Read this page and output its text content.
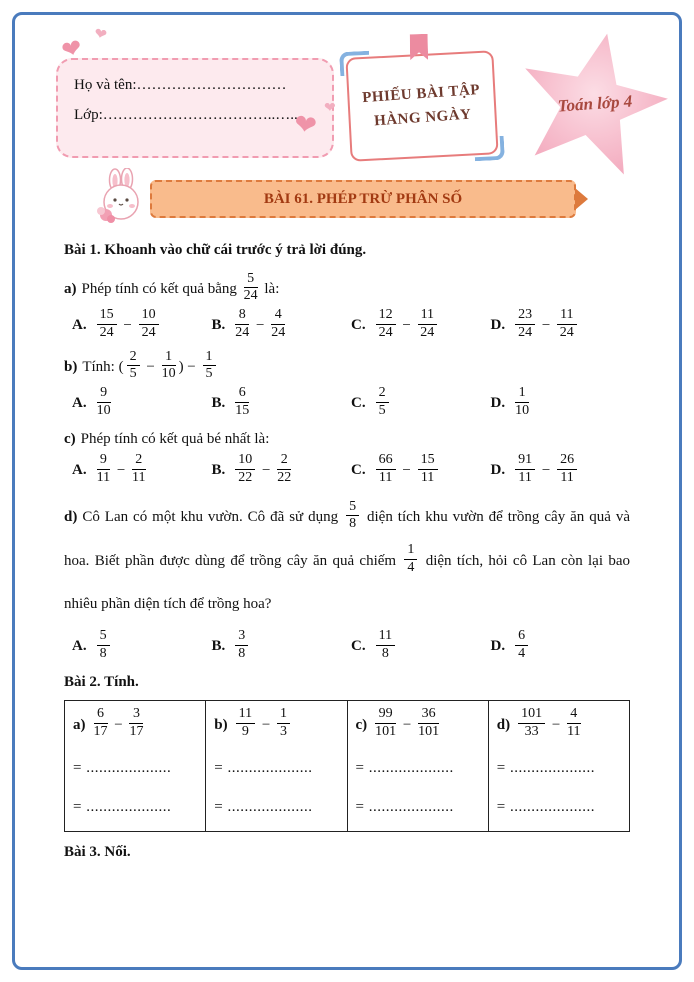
Họ và tên:…………………………
Lớp:……………………………..…...
❤ ❤
❤ ❤
PHIẾU BÀI TẬP
HÀNG NGÀY
Toán lớp 4
BÀI 61. PHÉP TRỪ PHÂN SỐ
Bài 1. Khoanh vào chữ cái trước ý trả lời đúng.
a) Phép tính có kết quả bằng $\frac{5}{24}$ là:
A. $\frac{15}{24} - \frac{10}{24}$	B. $\frac{8}{24} - \frac{4}{24}$	C. $\frac{12}{24} - \frac{11}{24}$	D. $\frac{23}{24} - \frac{11}{24}$
b) Tính: ( $\frac{2}{5} - \frac{1}{10}$ ) − $\frac{1}{5}$
A. $\frac{9}{10}$	B. $\frac{6}{15}$	C. $\frac{2}{5}$	D. $\frac{1}{10}$
c) Phép tính có kết quả bé nhất là:
A. $\frac{9}{11} - \frac{2}{11}$	B. $\frac{10}{22} - \frac{2}{22}$	C. $\frac{66}{11} - \frac{15}{11}$	D. $\frac{91}{11} - \frac{26}{11}$
d) Cô Lan có một khu vườn. Cô đã sử dụng $\frac{5}{8}$ diện tích khu vườn để trồng cây ăn quả và hoa. Biết phần được dùng để trồng cây ăn quả chiếm $\frac{1}{4}$ diện tích, hỏi cô Lan còn lại bao nhiêu phần diện tích để trồng hoa?
A. $\frac{5}{8}$	B. $\frac{3}{8}$	C. $\frac{11}{8}$	D. $\frac{6}{4}$
Bài 2. Tính.
$a) \frac{6}{17} - \frac{3}{17}$
= ....................
= ....................

$b) \frac{11}{9} - \frac{1}{3}$
= ....................
= ....................

$c) \frac{99}{101} - \frac{36}{101}$
= ....................
= ....................

$d) \frac{101}{33} - \frac{4}{11}$
= ....................
= ....................
Bài 3. Nối.
